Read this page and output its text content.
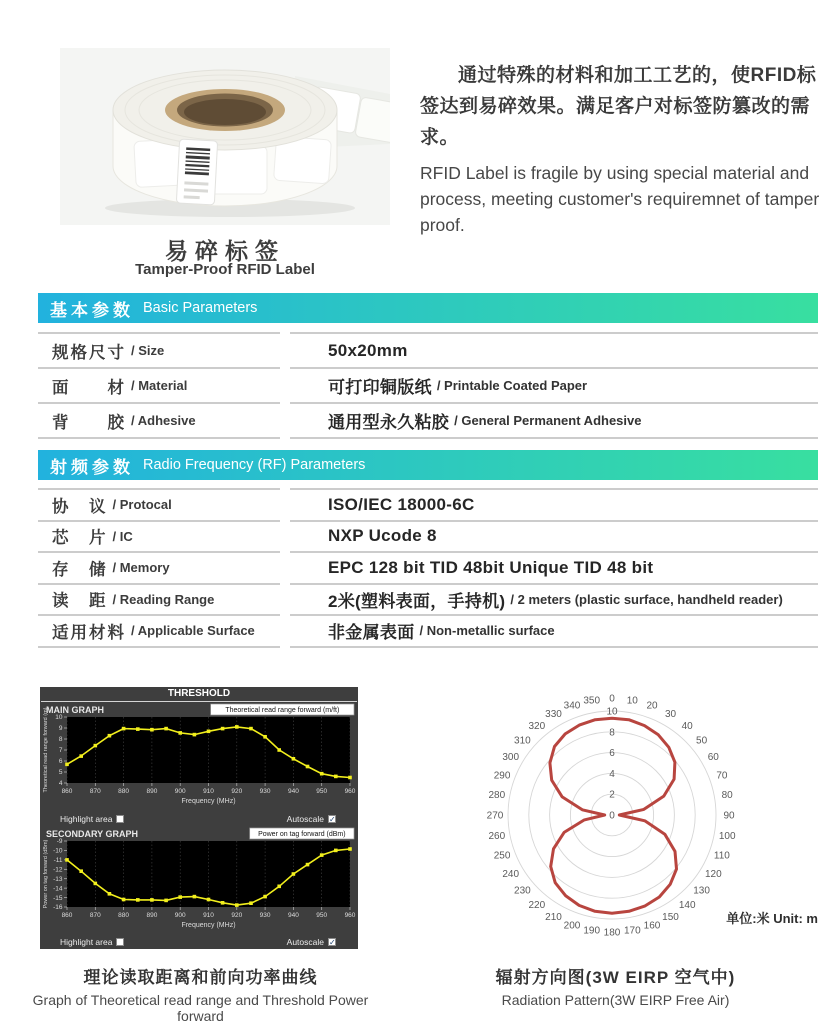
易碎标签
Tamper-Proof RFID Label

通过特殊的材料和加工工艺的，使RFID标签达到易碎效果。满足客户对标签防篡改的需求。

RFID Label is fragile by using special material and process, meeting customer's requiremnet of tamper proof.

基本参数 Basic Parameters
规格尺寸 / Size	50x20mm
面　　材 / Material	可打印铜版纸 / Printable Coated Paper
背　　胶 / Adhesive	通用型永久粘胶 / General Permanent Adhesive
射频参数 Radio Frequency (RF) Parameters
协　议 / Protocal	ISO/IEC 18000-6C
芯　片 / IC	NXP Ucode 8
存　储 / Memory	EPC 128 bit TID 48bit Unique TID 48 bit
读　距 / Reading Range	2米(塑料表面，手持机) / 2 meters (plastic surface, handheld reader)
适用材料 / Applicable Surface	非金属表面 / Non-metallic surface
THRESHOLD
MAIN GRAPH	Theoretical read range forward (m/ft)
4
5
6
7
8
9
10
860	870	880	890	900	910	920	930	940	950	960
Frequency (MHz)
Theoretical read range forward (m)
Highlight area	Autoscale ✓
SECONDARY GRAPH	Power on tag forward (dBm)
-9
-10
-11
-12
-13
-14
-15
-16
860	870	880	890	900	910	920	930	940	950	960
Frequency (MHz)
Power on tag forward (dBm)
Highlight area	Autoscale ✓
0 10 20
30
40
50
60
70
80
90
100
110
120
130
140
150
160
170
180
190
200
210
220
230
240
250
260
270
280
290
300
310
320
330
340 350
0
2
4
6
8
10
单位:米 Unit: m

理论读取距离和前向功率曲线

Graph of Theoretical read range and Threshold Power forward

辐射方向图(3W EIRP 空气中)

Radiation Pattern(3W EIRP Free Air)
